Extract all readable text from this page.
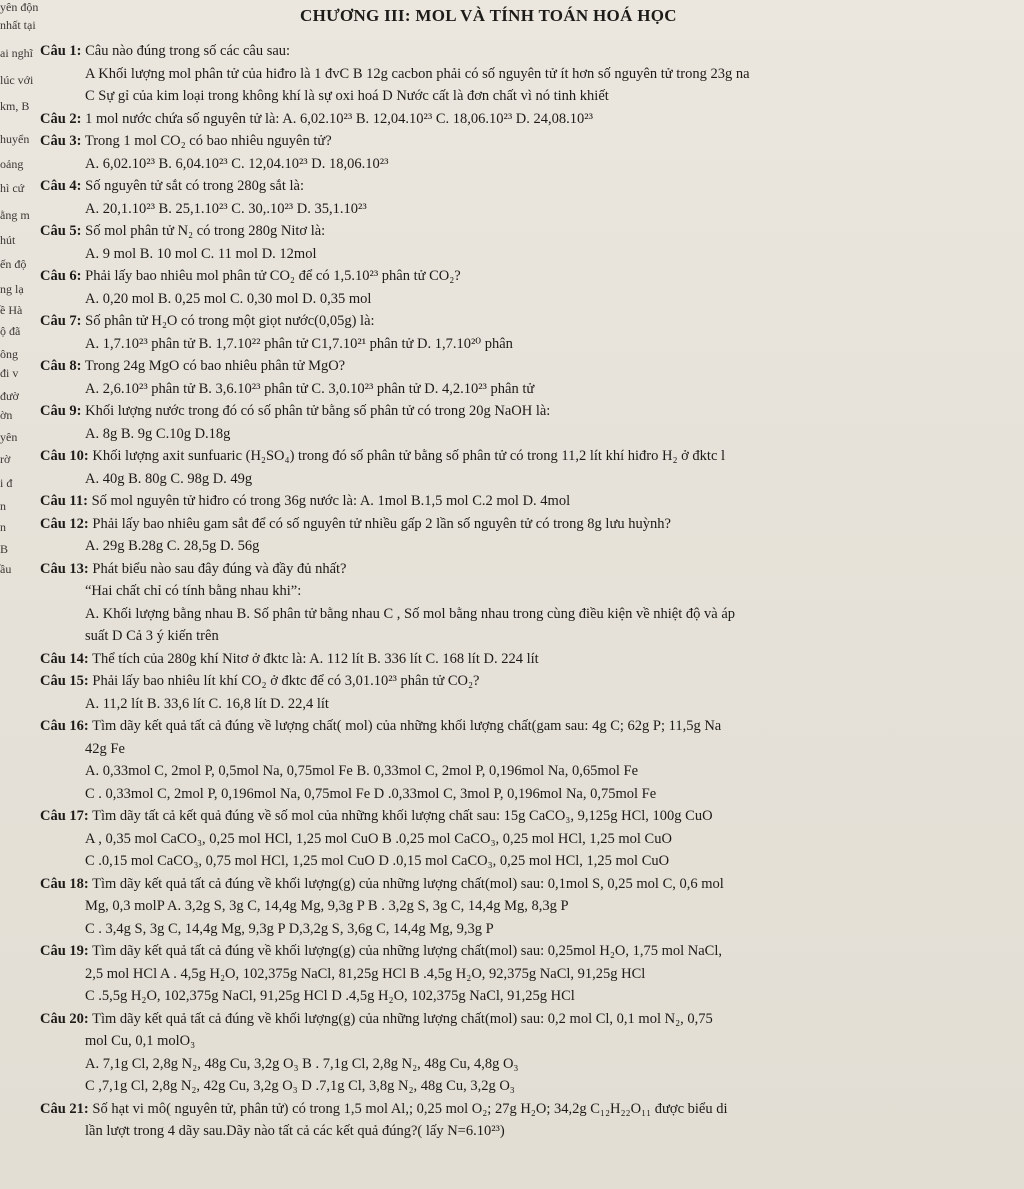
yên độn
nhất tại
ai nghĩ
lúc với
km, B
huyển
oảng
hì cứ
ằng m
hút
ến độ
ng lạ
ề Hà
ộ đã
ông
đi v
đườ
ờn
yên
rờ
i đ
n
n
B
ầu
CHƯƠNG III: MOL VÀ TÍNH TOÁN HOÁ HỌC
Câu 1: Câu nào đúng trong số các câu sau:
A Khối lượng mol phân tử của hiđro là 1 đvC B 12g cacbon phải có số nguyên tử ít hơn số nguyên tử trong 23g na
C Sự gỉ của kim loại trong không khí là sự oxi hoá D Nước cất là đơn chất vì nó tinh khiết
Câu 2: 1 mol nước chứa số nguyên tử là: A. 6,02.10²³ B. 12,04.10²³ C. 18,06.10²³ D. 24,08.10²³
Câu 3: Trong 1 mol CO₂ có bao nhiêu nguyên tử?
A. 6,02.10²³ B. 6,04.10²³ C. 12,04.10²³ D. 18,06.10²³
Câu 4: Số nguyên tử sắt có trong 280g sắt là:
A. 20,1.10²³ B. 25,1.10²³ C. 30,.10²³ D. 35,1.10²³
Câu 5: Số mol phân tử N₂ có trong 280g Nitơ là:
A. 9 mol B. 10 mol C. 11 mol D. 12mol
Câu 6: Phải lấy bao nhiêu mol phân tử CO₂ để có 1,5.10²³ phân tử CO₂?
A. 0,20 mol B. 0,25 mol C. 0,30 mol D. 0,35 mol
Câu 7: Số phân tử H₂O có trong một giọt nước(0,05g) là:
A. 1,7.10²³ phân tử B. 1,7.10²² phân tử C1,7.10²¹ phân tử D. 1,7.10²⁰ phân
Câu 8: Trong 24g MgO có bao nhiêu phân tử MgO?
A. 2,6.10²³ phân tử B. 3,6.10²³ phân tử C. 3,0.10²³ phân tử D. 4,2.10²³ phân tử
Câu 9: Khối lượng nước trong đó có số phân tử bằng số phân tử có trong 20g NaOH là:
A. 8g B. 9g C.10g D.18g
Câu 10: Khối lượng axit sunfuaric (H₂SO₄) trong đó số phân tử bằng số phân tử có trong 11,2 lít khí hiđro H₂ ở đktc l
A. 40g B. 80g C. 98g D. 49g
Câu 11: Số mol nguyên tử hiđro có trong 36g nước là: A. 1mol B.1,5 mol C.2 mol D. 4mol
Câu 12: Phải lấy bao nhiêu gam sắt để có số nguyên tử nhiều gấp 2 lần số nguyên tử có trong 8g lưu huỳnh?
A. 29g B.28g C. 28,5g D. 56g
Câu 13: Phát biểu nào sau đây đúng và đầy đủ nhất?
“Hai chất chỉ có tính bằng nhau khi”:
A. Khối lượng bằng nhau B. Số phân tử bằng nhau C , Số mol bằng nhau trong cùng điều kiện về nhiệt độ và áp
suất D Cả 3 ý kiến trên
Câu 14: Thể tích của 280g khí Nitơ ở đktc là: A. 112 lít B. 336 lít C. 168 lít D. 224 lít
Câu 15: Phải lấy bao nhiêu lít khí CO₂ ở đktc để có 3,01.10²³ phân tử CO₂?
A. 11,2 lít B. 33,6 lít C. 16,8 lít D. 22,4 lít
Câu 16: Tìm dãy kết quả tất cả đúng về lượng chất( mol) của những khối lượng chất(gam sau: 4g C; 62g P; 11,5g Na
42g Fe
A. 0,33mol C, 2mol P, 0,5mol Na, 0,75mol Fe B. 0,33mol C, 2mol P, 0,196mol Na, 0,65mol Fe
C . 0,33mol C, 2mol P, 0,196mol Na, 0,75mol Fe D .0,33mol C, 3mol P, 0,196mol Na, 0,75mol Fe
Câu 17: Tìm dãy tất cả kết quả đúng về số mol của những khối lượng chất sau: 15g CaCO₃, 9,125g HCl, 100g CuO
A , 0,35 mol CaCO₃, 0,25 mol HCl, 1,25 mol CuO B .0,25 mol CaCO₃, 0,25 mol HCl, 1,25 mol CuO
C .0,15 mol CaCO₃, 0,75 mol HCl, 1,25 mol CuO D .0,15 mol CaCO₃, 0,25 mol HCl, 1,25 mol CuO
Câu 18: Tìm dãy kết quả tất cả đúng về khối lượng(g) của những lượng chất(mol) sau: 0,1mol S, 0,25 mol C, 0,6 mol
Mg, 0,3 molP A. 3,2g S, 3g C, 14,4g Mg, 9,3g P B . 3,2g S, 3g C, 14,4g Mg, 8,3g P
C . 3,4g S, 3g C, 14,4g Mg, 9,3g P D,3,2g S, 3,6g C, 14,4g Mg, 9,3g P
Câu 19: Tìm dãy kết quả tất cả đúng về khối lượng(g) của những lượng chất(mol) sau: 0,25mol H₂O, 1,75 mol NaCl,
2,5 mol HCl A . 4,5g H₂O, 102,375g NaCl, 81,25g HCl B .4,5g H₂O, 92,375g NaCl, 91,25g HCl
C .5,5g H₂O, 102,375g NaCl, 91,25g HCl D .4,5g H₂O, 102,375g NaCl, 91,25g HCl
Câu 20: Tìm dãy kết quả tất cả đúng về khối lượng(g) của những lượng chất(mol) sau: 0,2 mol Cl, 0,1 mol N₂, 0,75
mol Cu, 0,1 molO₃
A. 7,1g Cl, 2,8g N₂, 48g Cu, 3,2g O₃ B . 7,1g Cl, 2,8g N₂, 48g Cu, 4,8g O₃
C ,7,1g Cl, 2,8g N₂, 42g Cu, 3,2g O₃ D .7,1g Cl, 3,8g N₂, 48g Cu, 3,2g O₃
Câu 21: Số hạt vi mô( nguyên tử, phân tử) có trong 1,5 mol Al,; 0,25 mol O₂; 27g H₂O; 34,2g C₁₂H₂₂O₁₁ được biểu di
lần lượt trong 4 dãy sau.Dãy nào tất cả các kết quả đúng?( lấy N=6.10²³)
